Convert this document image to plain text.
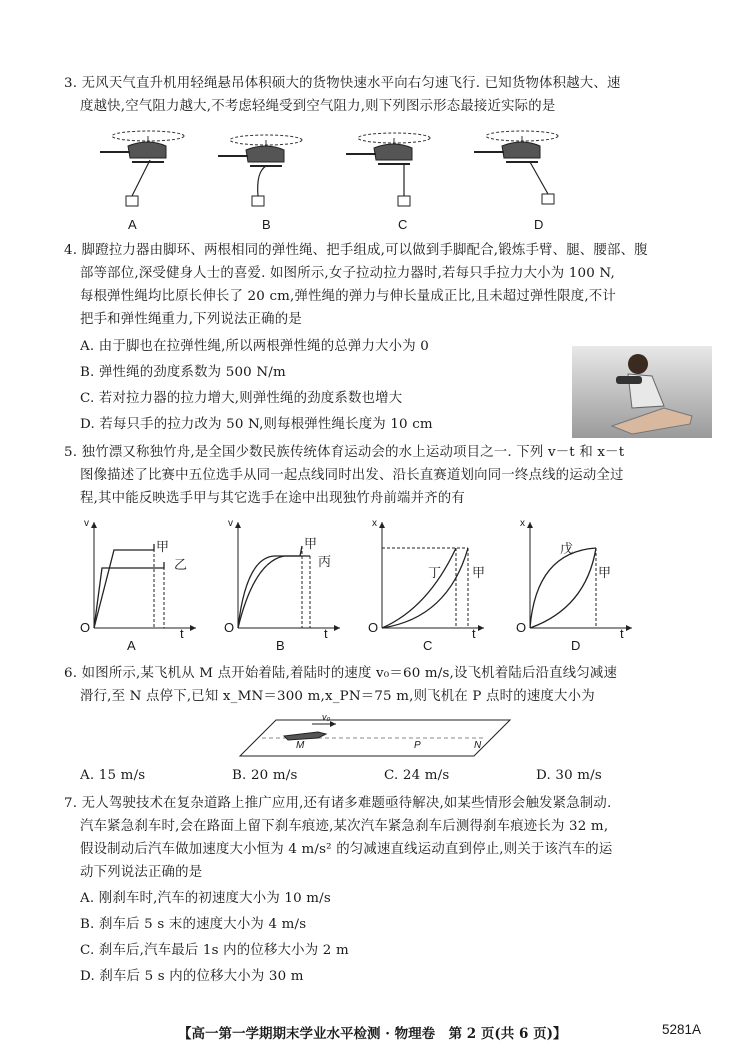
3. 无风天气直升机用轻绳悬吊体积硕大的货物快速水平向右匀速飞行. 已知货物体积越大、速
度越快,空气阻力越大,不考虑轻绳受到空气阻力,则下列图示形态最接近实际的是
A	B	C	D
4. 脚蹬拉力器由脚环、两根相同的弹性绳、把手组成,可以做到手脚配合,锻炼手臂、腿、腰部、腹
部等部位,深受健身人士的喜爱. 如图所示,女子拉动拉力器时,若每只手拉力大小为 100 N,
每根弹性绳均比原长伸长了 20 cm,弹性绳的弹力与伸长量成正比,且未超过弹性限度,不计
把手和弹性绳重力,下列说法正确的是
A. 由于脚也在拉弹性绳,所以两根弹性绳的总弹力大小为 0
B. 弹性绳的劲度系数为 500 N/m
C. 若对拉力器的拉力增大,则弹性绳的劲度系数也增大
D. 若每只手的拉力改为 50 N,则每根弹性绳长度为 10 cm
5. 独竹漂又称独竹舟,是全国少数民族传统体育运动会的水上运动项目之一. 下列 v－t 和 x－t
图像描述了比赛中五位选手从同一起点线同时出发、沿长直赛道划向同一终点线的运动全过
程,其中能反映选手甲与其它选手在途中出现独竹舟前端并齐的有
v
t
O
甲
乙
A
v
t
O
甲
丙
B
x
t
O
丁 甲
C
x
t
O
戊
甲
D
6. 如图所示,某飞机从 M 点开始着陆,着陆时的速度 v₀＝60 m/s,设飞机着陆后沿直线匀减速
滑行,至 N 点停下,已知 x_MN＝300 m,x_PN＝75 m,则飞机在 P 点时的速度大小为
v₀
M	P	N
A. 15 m/s	B. 20 m/s	C. 24 m/s	D. 30 m/s
7. 无人驾驶技术在复杂道路上推广应用,还有诸多难题亟待解决,如某些情形会触发紧急制动.
汽车紧急刹车时,会在路面上留下刹车痕迹,某次汽车紧急刹车后测得刹车痕迹长为 32 m,
假设制动后汽车做加速度大小恒为 4 m/s² 的匀减速直线运动直到停止,则关于该汽车的运
动下列说法正确的是
A. 刚刹车时,汽车的初速度大小为 10 m/s
B. 刹车后 5 s 末的速度大小为 4 m/s
C. 刹车后,汽车最后 1s 内的位移大小为 2 m
D. 刹车后 5 s 内的位移大小为 30 m
【高一第一学期期末学业水平检测 · 物理卷　第 2 页(共 6 页)】	5281A
